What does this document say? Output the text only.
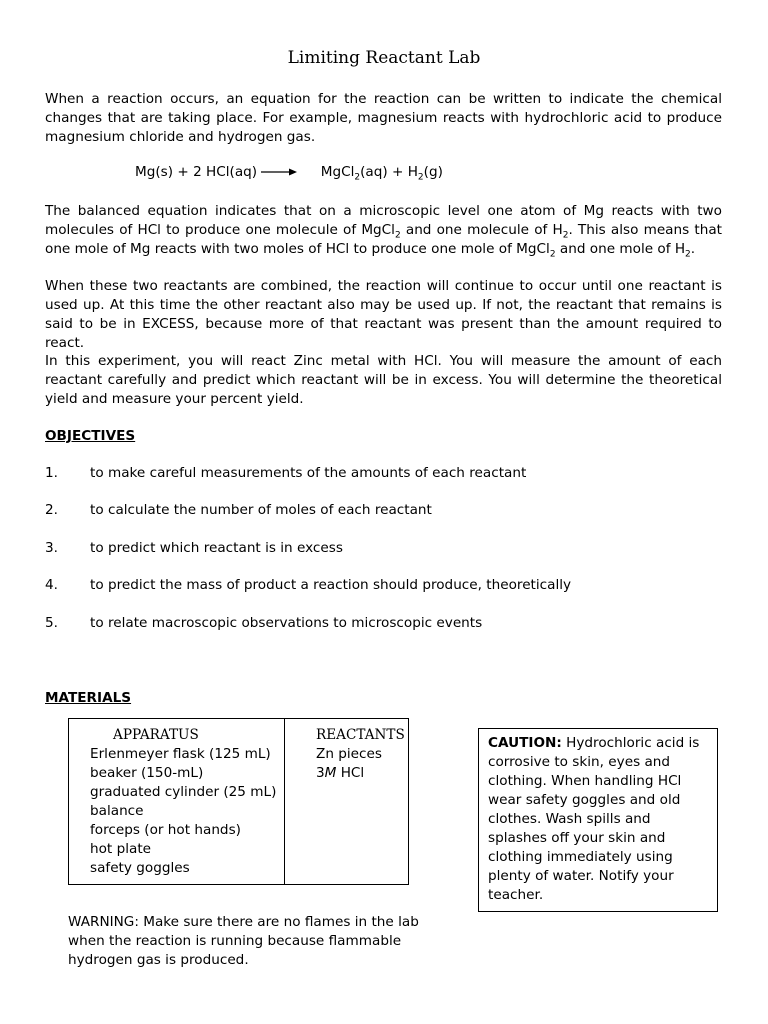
Limiting Reactant Lab

When a reaction occurs, an equation for the reaction can be written to indicate the chemical changes that are taking place. For example, magnesium reacts with hydrochloric acid to produce magnesium chloride and hydrogen gas.

Mg(s) + 2 HCl(aq) → MgCl$_2$(aq) + $H_2(g)$

The balanced equation indicates that on a microscopic level one atom of Mg reacts with two molecules of HCl to produce one molecule of MgCl$_2$ and one molecule of $H_2$. This also means that one mole of Mg reacts with two moles of HCl to produce one mole of MgCl$_2$ and one mole of $H_2$.

When these two reactants are combined, the reaction will continue to occur until one reactant is used up. At this time the other reactant also may be used up. If not, the reactant that remains is said to be in EXCESS, because more of that reactant was present than the amount required to react.

In this experiment, you will react Zinc metal with HCl. You will measure the amount of each reactant carefully and predict which reactant will be in excess. You will determine the theoretical yield and measure your percent yield.

OBJECTIVES

1. to make careful measurements of the amounts of each reactant
2. to calculate the number of moles of each reactant
3. to predict which reactant is in excess
4. to predict the mass of product a reaction should produce, theoretically
5. to relate macroscopic observations to microscopic events

MATERIALS

APPARATUS
Erlenmeyer flask (125 mL)
beaker (150-mL)
graduated cylinder (25 mL)
balance
forceps (or hot hands)
hot plate
safety goggles
REACTANTS
Zn pieces
3M HCl
CAUTION: Hydrochloric acid is corrosive to skin, eyes and clothing. When handling HCl wear safety goggles and old clothes. Wash spills and splashes off your skin and clothing immediately using plenty of water. Notify your teacher.

WARNING: Make sure there are no flames in the lab when the reaction is running because flammable hydrogen gas is produced.
